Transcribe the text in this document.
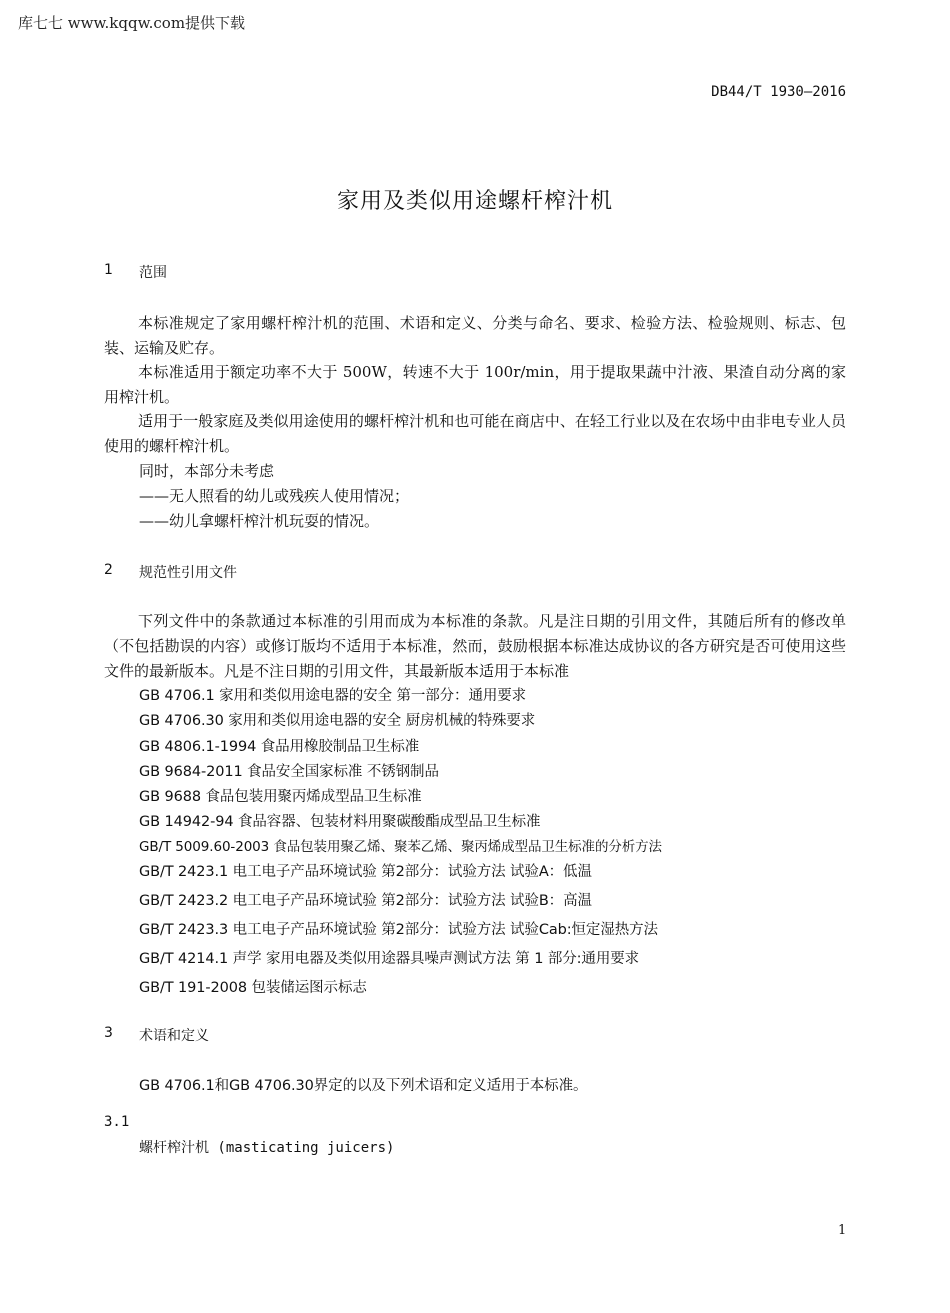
库七七 www.kqqw.com提供下载
DB44/T 1930—2016
家用及类似用途螺杆榨汁机
1 范围
本标准规定了家用螺杆榨汁机的范围、术语和定义、分类与命名、要求、检验方法、检验规则、标志、包装、运输及贮存。
本标准适用于额定功率不大于 500W，转速不大于 100r/min，用于提取果蔬中汁液、果渣自动分离的家用榨汁机。
适用于一般家庭及类似用途使用的螺杆榨汁机和也可能在商店中、在轻工行业以及在农场中由非电专业人员使用的螺杆榨汁机。
同时，本部分未考虑
——无人照看的幼儿或残疾人使用情况；
——幼儿拿螺杆榨汁机玩耍的情况。
2 规范性引用文件
下列文件中的条款通过本标准的引用而成为本标准的条款。凡是注日期的引用文件，其随后所有的修改单（不包括勘误的内容）或修订版均不适用于本标准，然而，鼓励根据本标准达成协议的各方研究是否可使用这些文件的最新版本。凡是不注日期的引用文件，其最新版本适用于本标准
GB 4706.1 家用和类似用途电器的安全 第一部分：通用要求
GB 4706.30 家用和类似用途电器的安全 厨房机械的特殊要求
GB 4806.1-1994 食品用橡胶制品卫生标准
GB 9684-2011 食品安全国家标准 不锈钢制品
GB 9688 食品包装用聚丙烯成型品卫生标准
GB 14942-94 食品容器、包装材料用聚碳酸酯成型品卫生标准
GB/T 5009.60-2003 食品包装用聚乙烯、聚苯乙烯、聚丙烯成型品卫生标准的分析方法
GB/T 2423.1 电工电子产品环境试验 第2部分：试验方法 试验A：低温
GB/T 2423.2 电工电子产品环境试验 第2部分：试验方法 试验B：高温
GB/T 2423.3 电工电子产品环境试验 第2部分：试验方法 试验Cab:恒定湿热方法
GB/T 4214.1 声学 家用电器及类似用途器具噪声测试方法 第 1 部分:通用要求
GB/T 191-2008 包装储运图示标志
3 术语和定义
GB 4706.1和GB 4706.30界定的以及下列术语和定义适用于本标准。
3.1
螺杆榨汁机 (masticating juicers)
1
